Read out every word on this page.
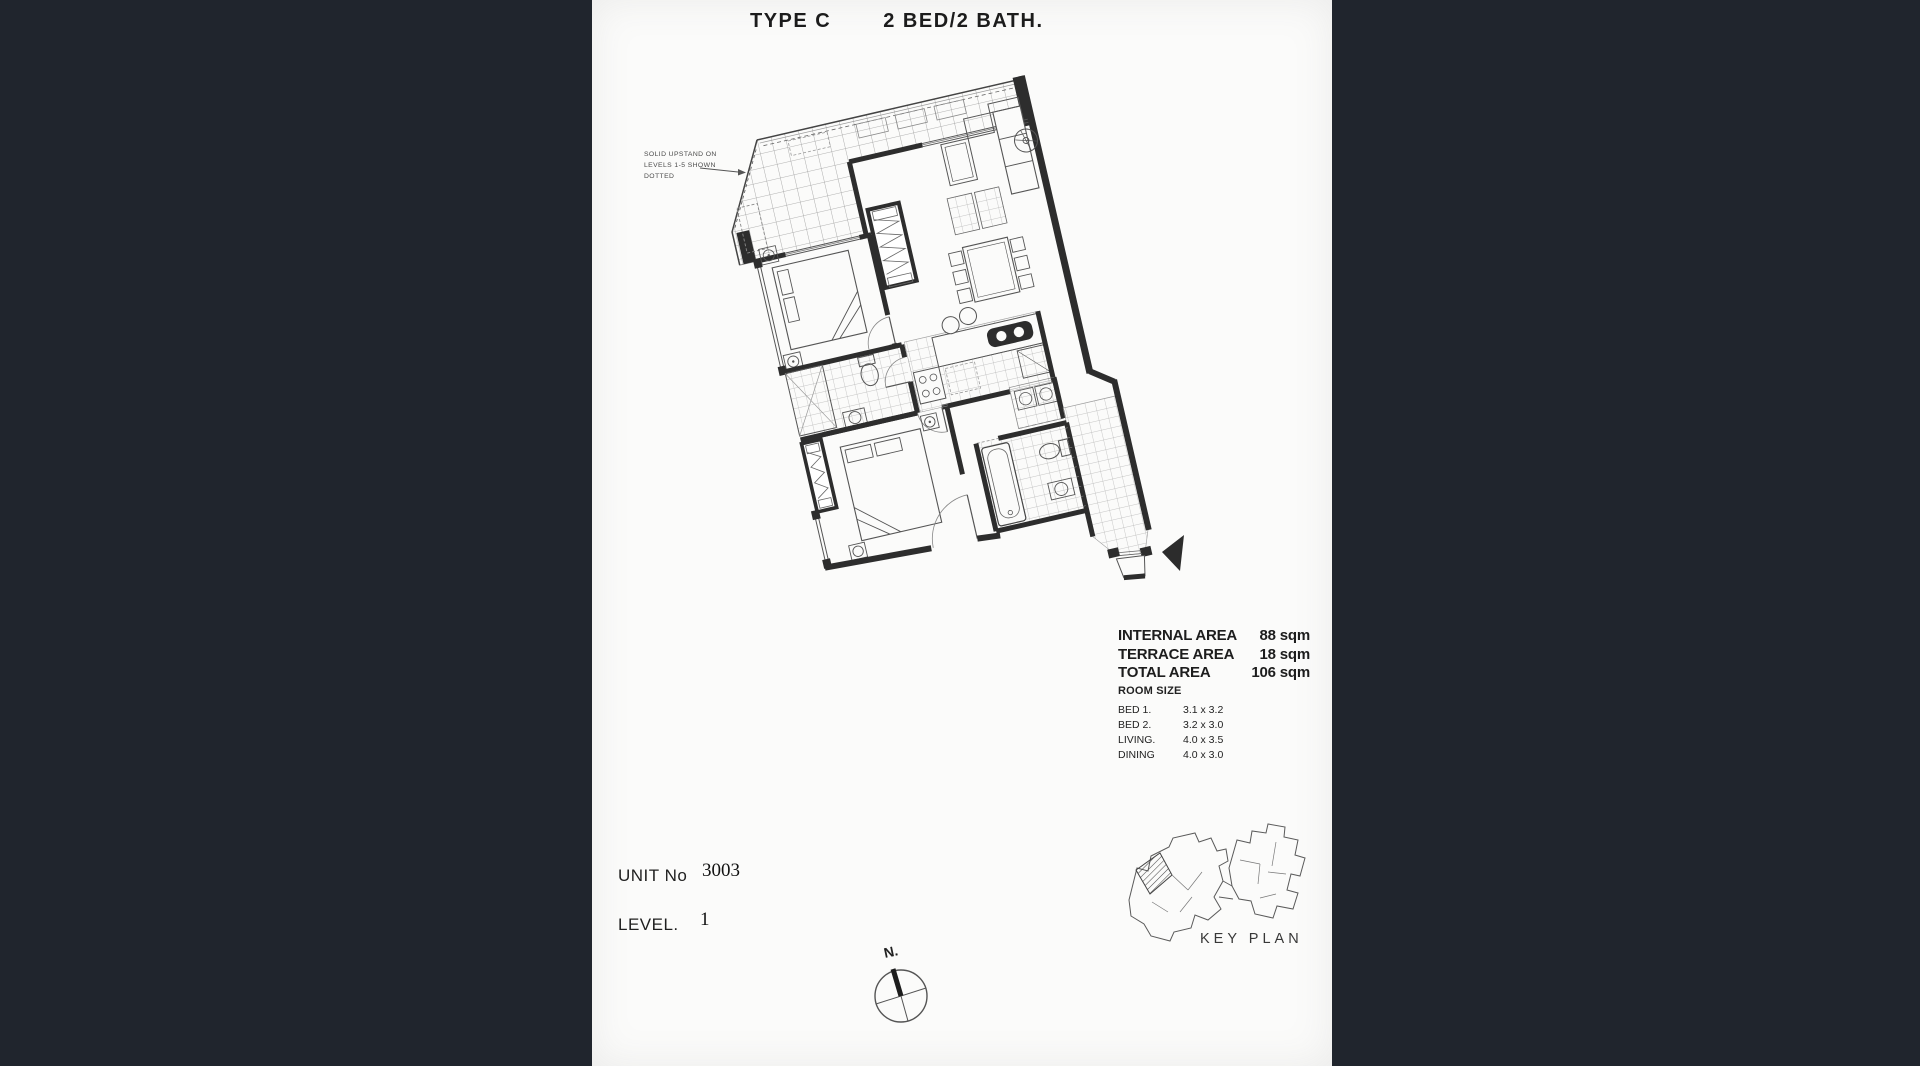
TYPE C	2 BED/2 BATH.
SOLID UPSTAND ON
LEVELS 1-5 SHOWN
DOTTED
N.
INTERNAL AREA 88 sqm
TERRACE AREA 18 sqm
TOTAL AREA	106 sqm
ROOM SIZE
BED 1.	3.1 x 3.2
BED 2.	3.2 x 3.0
LIVING.	4.0 x 3.5
DINING	4.0 x 3.0
UNIT No 3003
LEVEL. 1
KEY PLAN
